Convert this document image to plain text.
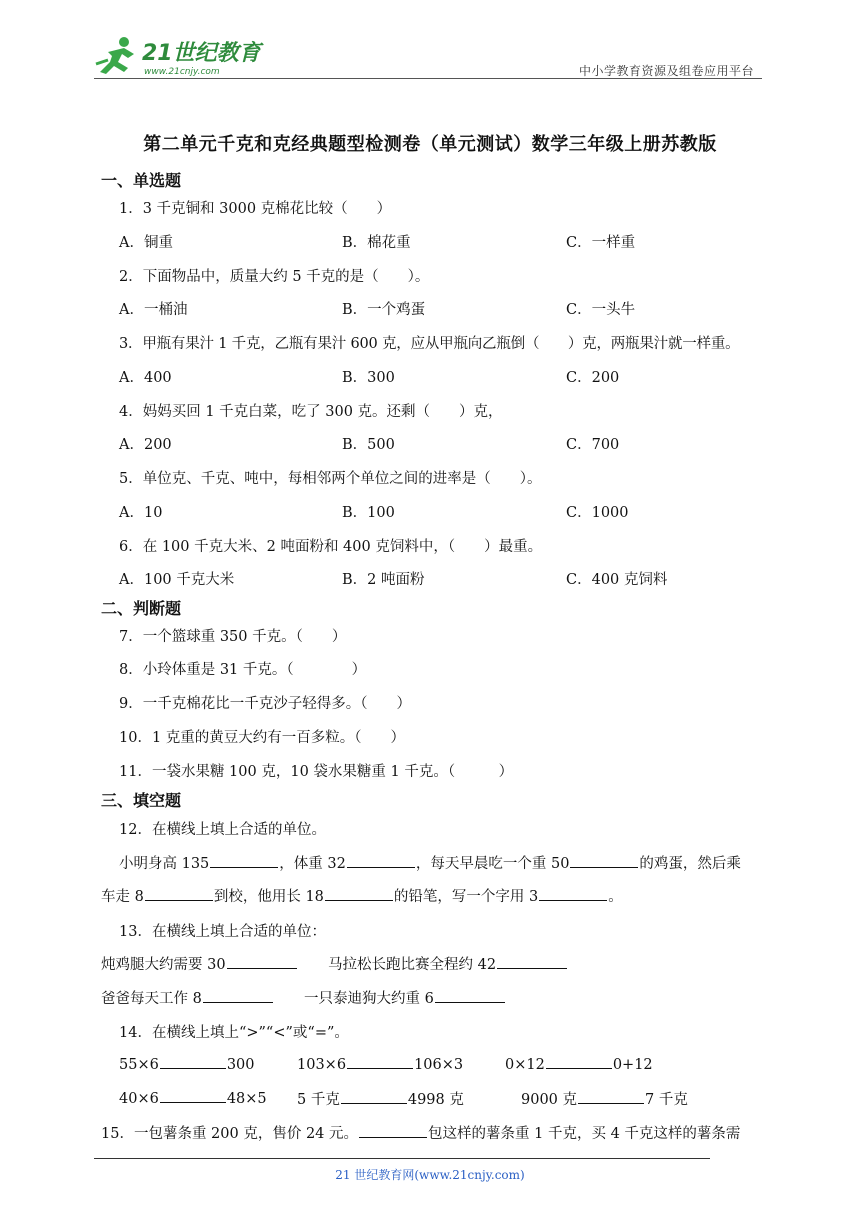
21世纪教育
www.21cnjy.com	中小学教育资源及组卷应用平台
第二单元千克和克经典题型检测卷（单元测试）数学三年级上册苏教版
一、单选题
1．3 千克铜和 3000 克棉花比较（　　）
A．铜重	B．棉花重	C．一样重
2．下面物品中，质量大约 5 千克的是（　　）。
A．一桶油	B．一个鸡蛋	C．一头牛
3．甲瓶有果汁 1 千克，乙瓶有果汁 600 克，应从甲瓶向乙瓶倒（　　）克，两瓶果汁就一样重。
A．400	B．300	C．200
4．妈妈买回 1 千克白菜，吃了 300 克。还剩（　　）克，
A．200	B．500	C．700
5．单位克、千克、吨中，每相邻两个单位之间的进率是（　　）。
A．10	B．100	C．1000
6．在 100 千克大米、2 吨面粉和 400 克饲料中，（　　）最重。
A．100 千克大米	B．2 吨面粉	C．400 克饲料
二、判断题
7．一个篮球重 350 千克。（　　）
8．小玲体重是 31 千克。（　　　　）
9．一千克棉花比一千克沙子轻得多。（　　）
10．1 克重的黄豆大约有一百多粒。（　　）
11．一袋水果糖 100 克，10 袋水果糖重 1 千克。（　　　）
三、填空题
12．在横线上填上合适的单位。
小明身高 135	，体重 32	，每天早晨吃一个重 50	的鸡蛋，然后乘
车走 8	到校，他用长 18	的铅笔，写一个字用 3	。
13．在横线上填上合适的单位：
炖鸡腿大约需要 30	马拉松长跑比赛全程约 42
爸爸每天工作 8	一只泰迪狗大约重 6
14．在横线上填上“>”“<”或“=”。
55×6	300	103×6	106×3	0×12	0+12
40×6	48×5 5 千克	4998 克	9000 克	7 千克
15．一包薯条重 200 克，售价 24 元。	包这样的薯条重 1 千克，买 4 千克这样的薯条需
21 世纪教育网(www.21cnjy.com)
